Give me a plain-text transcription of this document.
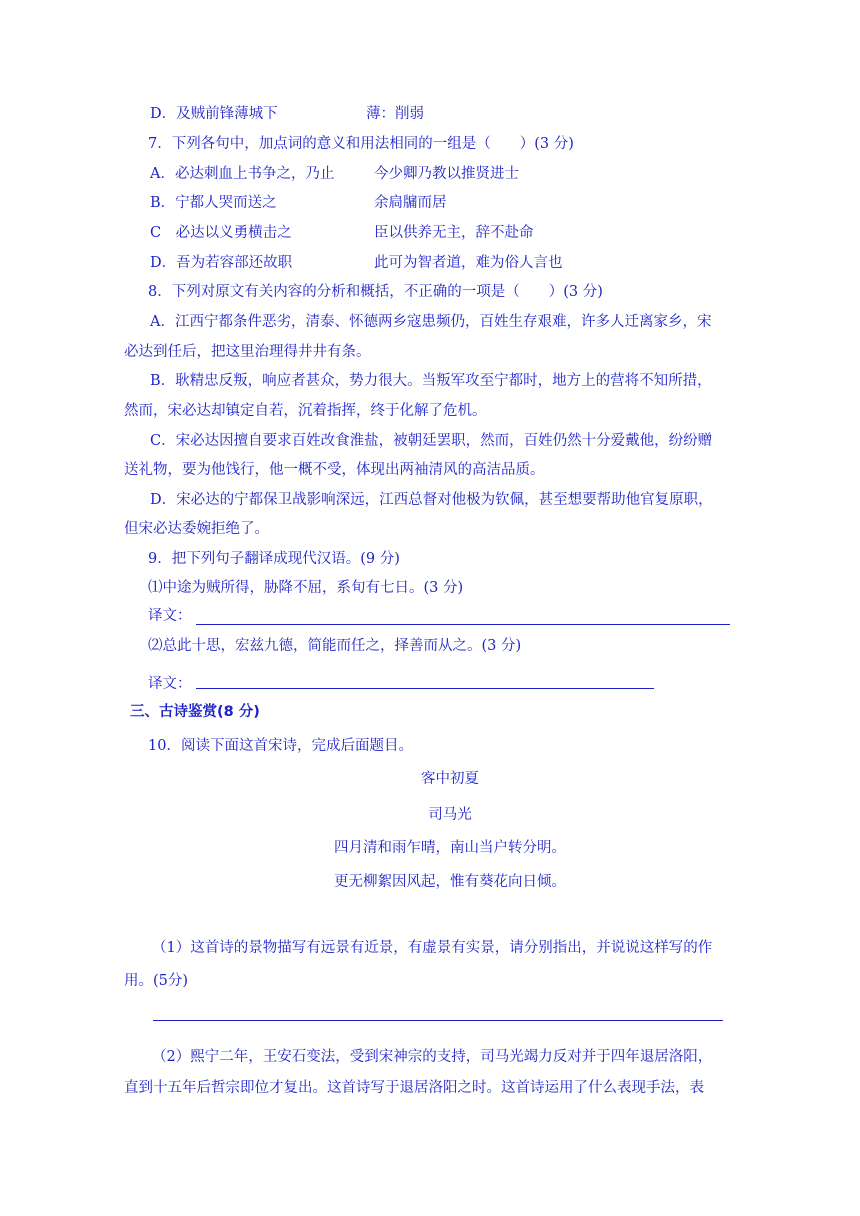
D．及贼前锋薄城下	薄：削弱
7．下列各句中，加点词的意义和用法相同的一组是（　　）(3 分)
A．必达刺血上书争之，乃止	今少卿乃教以推贤进士
B．宁都人哭而送之	余扃牖而居
C　必达以义勇横击之	臣以供养无主，辞不赴命
D．吾为若容部还故职	此可为智者道，难为俗人言也
8．下列对原文有关内容的分析和概括，不正确的一项是（　　）(3 分)
A．江西宁都条件恶劣，清泰、怀德两乡寇患频仍，百姓生存艰难，许多人迁离家乡，宋
必达到任后，把这里治理得井井有条。
B．耿精忠反叛，响应者甚众，势力很大。当叛军攻至宁都时，地方上的营将不知所措，
然而，宋必达却镇定自若，沉着指挥，终于化解了危机。
C．宋必达因擅自要求百姓改食淮盐，被朝廷罢职，然而，百姓仍然十分爱戴他，纷纷赠
送礼物，要为他饯行，他一概不受，体现出两袖清风的高洁品质。
D．宋必达的宁都保卫战影响深远，江西总督对他极为钦佩，甚至想要帮助他官复原职，
但宋必达委婉拒绝了。
9．把下列句子翻译成现代汉语。(9 分)
⑴中途为贼所得，胁降不屈，系旬有七日。(3 分)
译文：
⑵总此十思，宏兹九德，简能而任之，择善而从之。(3 分)
译文：
三、古诗鉴赏(8 分)
10．阅读下面这首宋诗，完成后面题目。
客中初夏
司马光
四月清和雨乍晴，南山当户转分明。
更无柳絮因风起，惟有葵花向日倾。
（1）这首诗的景物描写有远景有近景，有虚景有实景，请分别指出，并说说这样写的作
用。(5分)
（2）熙宁二年，王安石变法，受到宋神宗的支持，司马光竭力反对并于四年退居洛阳，
直到十五年后哲宗即位才复出。这首诗写于退居洛阳之时。这首诗运用了什么表现手法，表
